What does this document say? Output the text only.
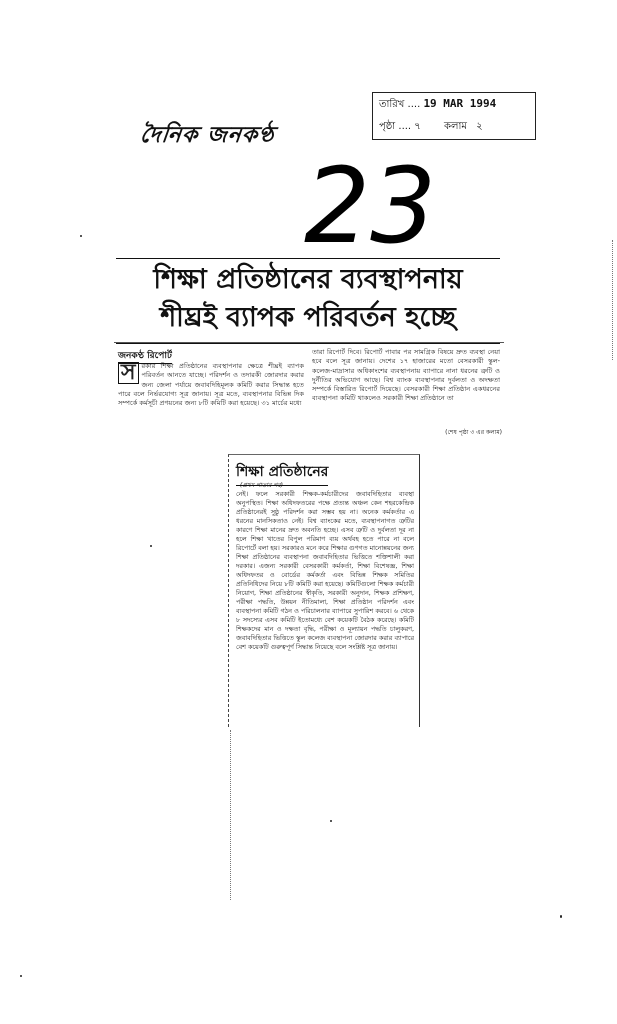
দৈনিক জনকণ্ঠ
তারিখ .... 19 MAR 1994
পৃষ্ঠা .... ৭ কলাম ২
23
শিক্ষা প্রতিষ্ঠানের ব্যবস্থাপনায়
শীঘ্রই ব্যাপক পরিবর্তন হচ্ছে
জনকণ্ঠ রিপোর্ট
স রকার শিক্ষা প্রতিষ্ঠানের ব্যবস্থাপনার ক্ষেত্রে শীঘ্রই ব্যাপক পরিবর্তন আনতে যাচ্ছে। পরিদর্শন ও তদারকী জোরদার করার জন্য জেলা পর্যায়ে জবাবদিহিমূলক কমিটি করার সিদ্ধান্ত হতে পারে বলে নির্ভরযোগ্য সূত্র জানায়। সূত্র মতে, ব্যবস্থাপনার বিভিন্ন দিক সম্পর্কে কর্মসূচী প্রণয়নের জন্য ৮টি কমিটি করা হয়েছে। ৩১ মার্চের মধ্যে
তারা রিপোর্ট দিবে। রিপোর্ট পাবার পর সামগ্রিক বিষয়ে দ্রুত ব্যবস্থা নেয়া হবে বলে সূত্র জানায়। দেশের ১৭ হাজারের মতো বেসরকারী স্কুল-কলেজ-মাদ্রাসার অধিকাংশের ব্যবস্থাপনায় ব্যাপারে নানা ধরনের ত্রুটি ও দুর্নীতির অভিযোগ আছে। বিশ্ব ব্যাংক ব্যবস্থাপনার দুর্বলতা ও অদক্ষতা সম্পর্কে বিস্তারিত রিপোর্ট দিয়েছে। বেসরকারী শিক্ষা প্রতিষ্ঠান একধরনের ব্যবস্থাপনা কমিটি থাকলেও সরকারী শিক্ষা প্রতিষ্ঠানে তা
(শেষ পৃষ্ঠা ৩ এর কলাম)
শিক্ষা প্রতিষ্ঠানের
(প্রথম পাতার পর)
নেই। ফলে সরকারী শিক্ষক-কর্মচারীদের জবাবদিহিতার ব্যবস্থা অনুপস্থিত। শিক্ষা অধিদফতরের পক্ষে প্রত্যন্ত অঞ্চল কেন শহরকেন্দ্রিক প্রতিষ্ঠানেরই সুষ্ঠু পরিদর্শন করা সম্ভব হয় না। অনেক কর্মকর্তার এ ধরনের মানসিকতাও নেই। বিশ্ব ব্যাংকের মতে, ব্যবস্থাপনাগত ত্রুটির কারণে শিক্ষা মানের দ্রুত অবনতি হচ্ছে। এসব ত্রুটি ও দুর্বলতা দূর না হলে শিক্ষা খাতের বিপুল পরিমাণ ব্যয় অর্থবহ হতে পারে না বলে রিপোর্টে বলা হয়। সরকারও মনে করে শিক্ষার গুণগত মানোন্নয়নের জন্য শিক্ষা প্রতিষ্ঠানের ব্যবস্থাপনা জবাবদিহিতার ভিত্তিতে শক্তিশালী করা দরকার। এজন্য সরকারী বেসরকারী কর্মকর্তা, শিক্ষা বিশেষজ্ঞ, শিক্ষা অধিদফতর ও বোর্ডের কর্মকর্তা এবং বিভিন্ন শিক্ষক সমিতির প্রতিনিধিদের নিয়ে ৮টি কমিটি করা হয়েছে। কমিটিগুলো শিক্ষক কর্মচারী নিয়োগ, শিক্ষা প্রতিষ্ঠানের স্বীকৃতি, সরকারী অনুদান, শিক্ষক প্রশিক্ষণ, পরীক্ষা পদ্ধতি, উন্নয়ন নীতিমালা, শিক্ষা প্রতিষ্ঠান পরিদর্শন এবং ব্যবস্থাপনা কমিটি গঠন ও পরিচালনার ব্যাপারে সুপারিশ করবে। ৬ থেকে ৮ সদস্যের এসব কমিটি ইতোমধ্যে বেশ কয়েকটি বৈঠক করেছে। কমিটি শিক্ষকদের মান ও দক্ষতা বৃদ্ধি, পরীক্ষা ও মূল্যায়ন পদ্ধতি চালুকরণ, জবাবদিহিতার ভিত্তিতে স্কুল কলেজ ব্যবস্থাপনা জোরদার করার ব্যাপারে বেশ কয়েকটি গুরুত্বপূর্ণ সিদ্ধান্ত নিয়েছে বলে সংশ্লিষ্ট সূত্র জানায়।
